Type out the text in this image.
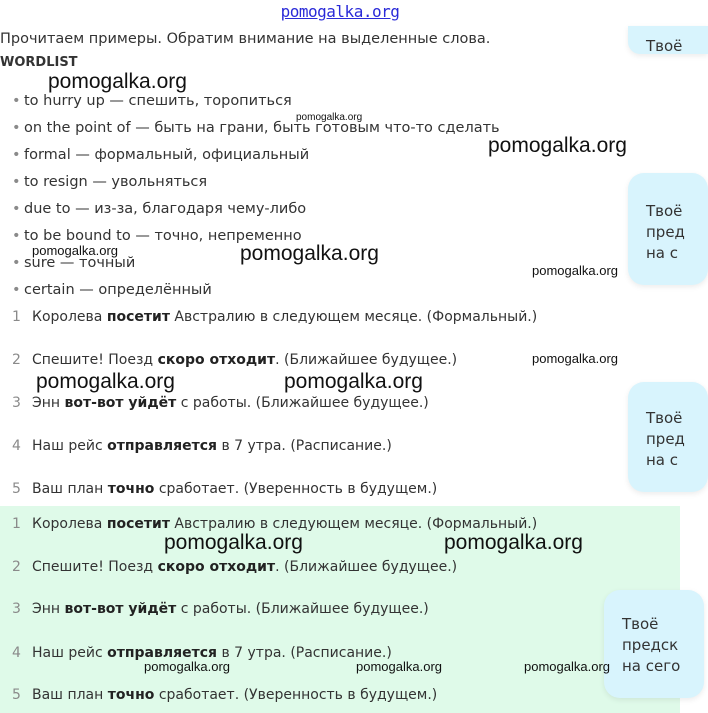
pomogalka.org
Прочитаем примеры. Обратим внимание на выделенные слова.
WORDLIST
• to hurry up — спешить, торопиться
• on the point of — быть на грани, быть готовым что-то сделать
• formal — формальный, официальный
• to resign — увольняться
• due to — из-за, благодаря чему-либо
• to be bound to — точно, непременно
• sure — точный
• certain — определённый
1 Королева посетит Австралию в следующем месяце. (Формальный.)
2 Спешите! Поезд скоро отходит. (Ближайшее будущее.)
3 Энн вот-вот уйдёт с работы. (Ближайшее будущее.)
4 Наш рейс отправляется в 7 утра. (Расписание.)
5 Ваш план точно сработает. (Уверенность в будущем.)
1 Королева посетит Австралию в следующем месяце. (Формальный.)
2 Спешите! Поезд скоро отходит. (Ближайшее будущее.)
3 Энн вот-вот уйдёт с работы. (Ближайшее будущее.)
4 Наш рейс отправляется в 7 утра. (Расписание.)
5 Ваш план точно сработает. (Уверенность в будущем.)
Твоё
Твоё
пред
на с
Твоё
пред
на с
Твоё
предск
на сего
pomogalka.org
pomogalka.org
pomogalka.org
pomogalka.org	pomogalka.org
pomogalka.org
pomogalka.org
pomogalka.org	pomogalka.org
pomogalka.org	pomogalka.org
pomogalka.org	pomogalka.org	pomogalka.org
